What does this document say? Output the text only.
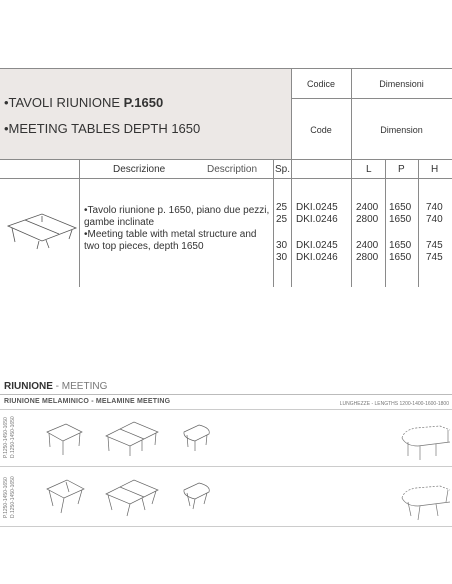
•TAVOLI RIUNIONE P.1650
•MEETING TABLES DEPTH 1650
Codice
Code
Dimensioni
Dimension
Descrizione	Description Sp.	L	P	H

•Tavolo riunione p. 1650, piano due pezzi, gambe inclinate

•Meeting table with metal structure and two top pieces, depth 1650

25 DKI.0245 2400 1650 740
25 DKI.0246 2800 1650 740
30 DKI.0245 2400 1650 745
30 DKI.0246 2800 1650 745
RIUNIONE - MEETING
RIUNIONE MELAMINICO - MELAMINE MEETING	LUNGHEZZE - LENGTHS 1200-1400-1600-1800
P.1250-1450-1650 D.1250-1450-1650
P.1250-1450-1650 D.1250-1450-1650
